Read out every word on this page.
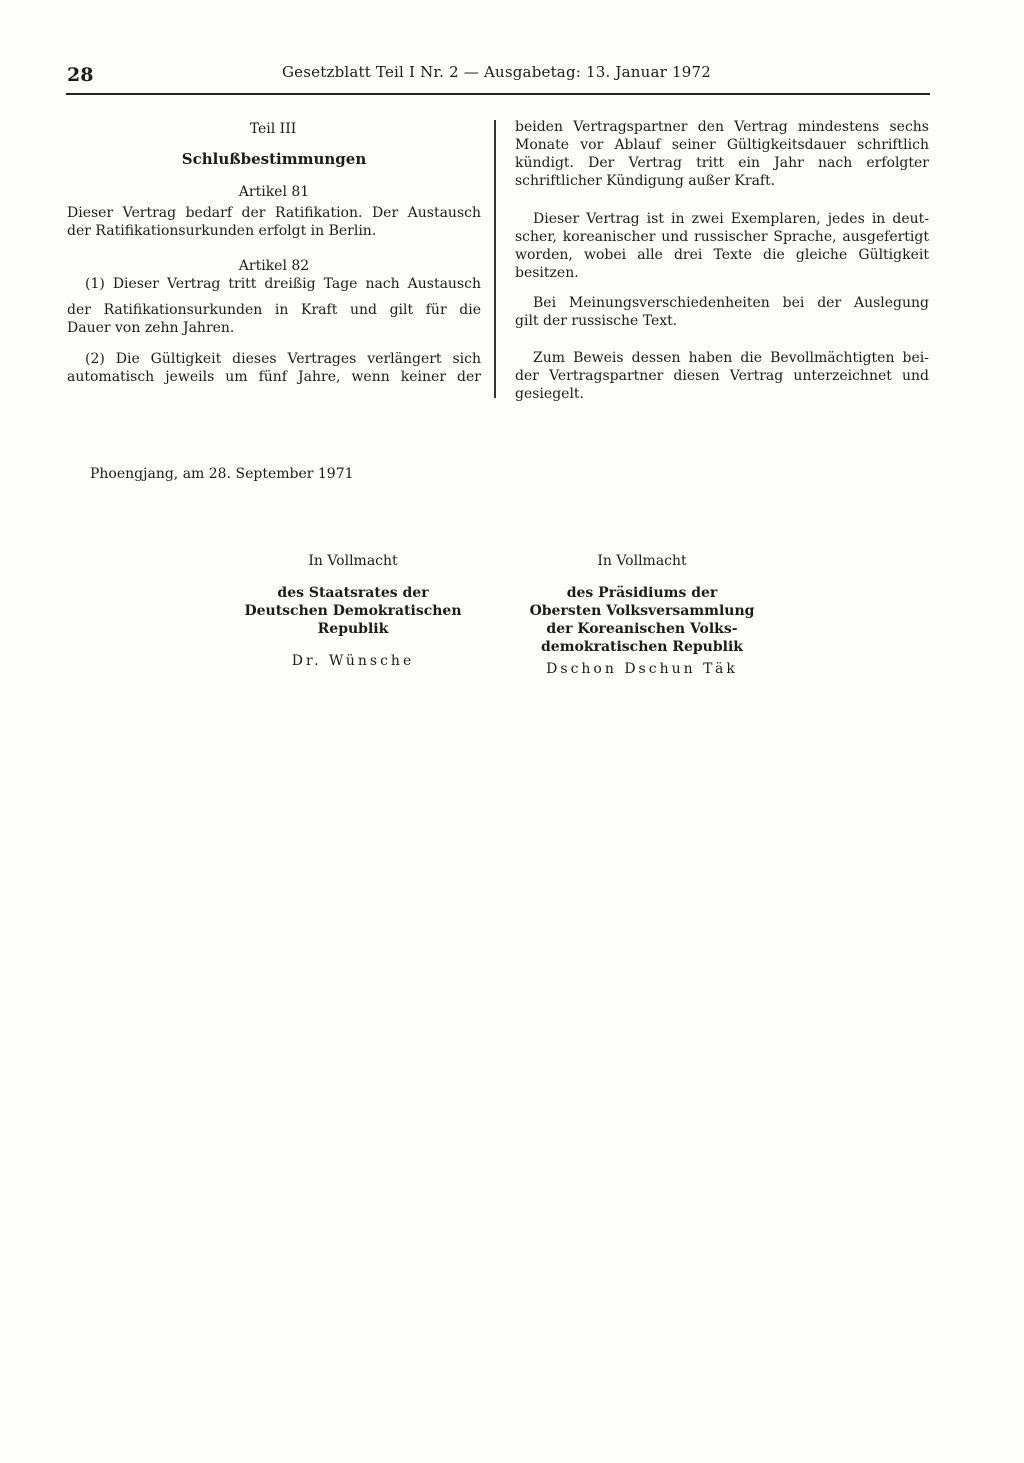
28	Gesetzblatt Teil I Nr. 2 — Ausgabetag: 13. Januar 1972

Teil III

Schlußbestimmungen

Artikel 81

Dieser Vertrag bedarf der Ratifikation. Der Austausch

der Ratifikationsurkunden erfolgt in Berlin.

Artikel 82

(1) Dieser Vertrag tritt dreißig Tage nach Austausch

der Ratifikationsurkunden in Kraft und gilt für die

Dauer von zehn Jahren.

(2) Die Gültigkeit dieses Vertrages verlängert sich

automatisch jeweils um fünf Jahre, wenn keiner der

beiden Vertragspartner den Vertrag mindestens sechs

Monate vor Ablauf seiner Gültigkeitsdauer schriftlich

kündigt. Der Vertrag tritt ein Jahr nach erfolgter

schriftlicher Kündigung außer Kraft.

Dieser Vertrag ist in zwei Exemplaren, jedes in deut-

scher, koreanischer und russischer Sprache, ausgefertigt

worden, wobei alle drei Texte die gleiche Gültigkeit

besitzen.

Bei Meinungsverschiedenheiten bei der Auslegung

gilt der russische Text.

Zum Beweis dessen haben die Bevollmächtigten bei-

der Vertragspartner diesen Vertrag unterzeichnet und

gesiegelt.

Phoengjang, am 28. September 1971

In Vollmacht

des Staatsrates der

Deutschen Demokratischen

Republik

Dr. Wünsche

In Vollmacht

des Präsidiums der

Obersten Volksversammlung

der Koreanischen Volks-

demokratischen Republik

Dschon Dschun Täk
